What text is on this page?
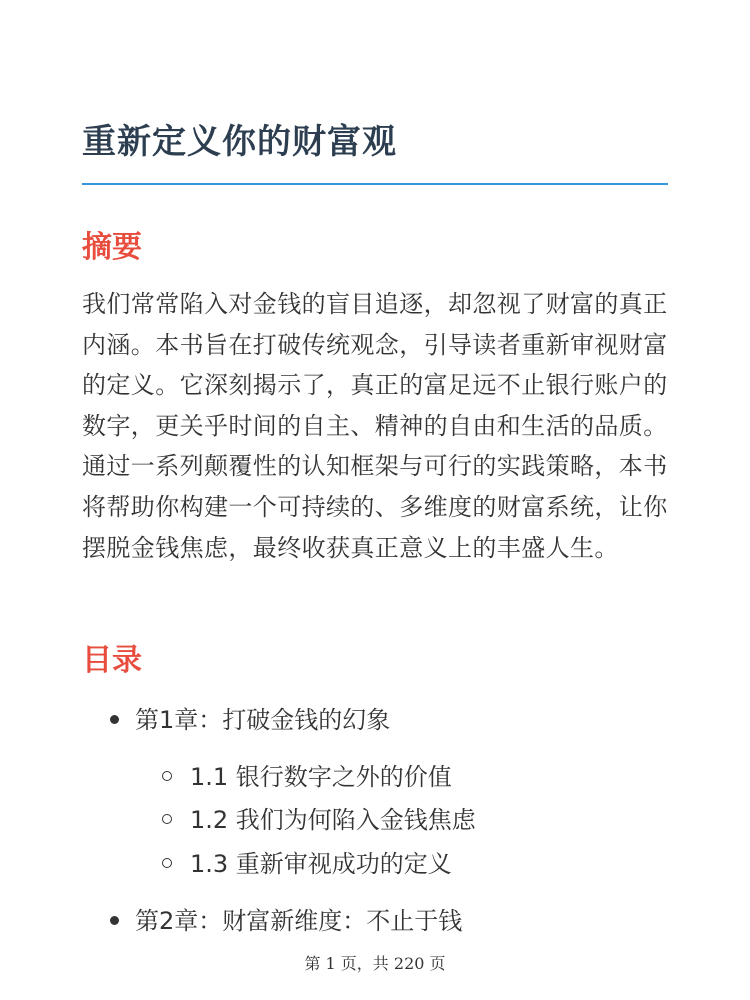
重新定义你的财富观
摘要
我们常常陷入对金钱的盲目追逐，却忽视了财富的真正内涵。本书旨在打破传统观念，引导读者重新审视财富的定义。它深刻揭示了，真正的富足远不止银行账户的数字，更关乎时间的自主、精神的自由和生活的品质。通过一系列颠覆性的认知框架与可行的实践策略，本书将帮助你构建一个可持续的、多维度的财富系统，让你摆脱金钱焦虑，最终收获真正意义上的丰盛人生。
目录
第1章：打破金钱的幻象
1.1 银行数字之外的价值
1.2 我们为何陷入金钱焦虑
1.3 重新审视成功的定义
第2章：财富新维度：不止于钱
第 1 页，共 220 页
